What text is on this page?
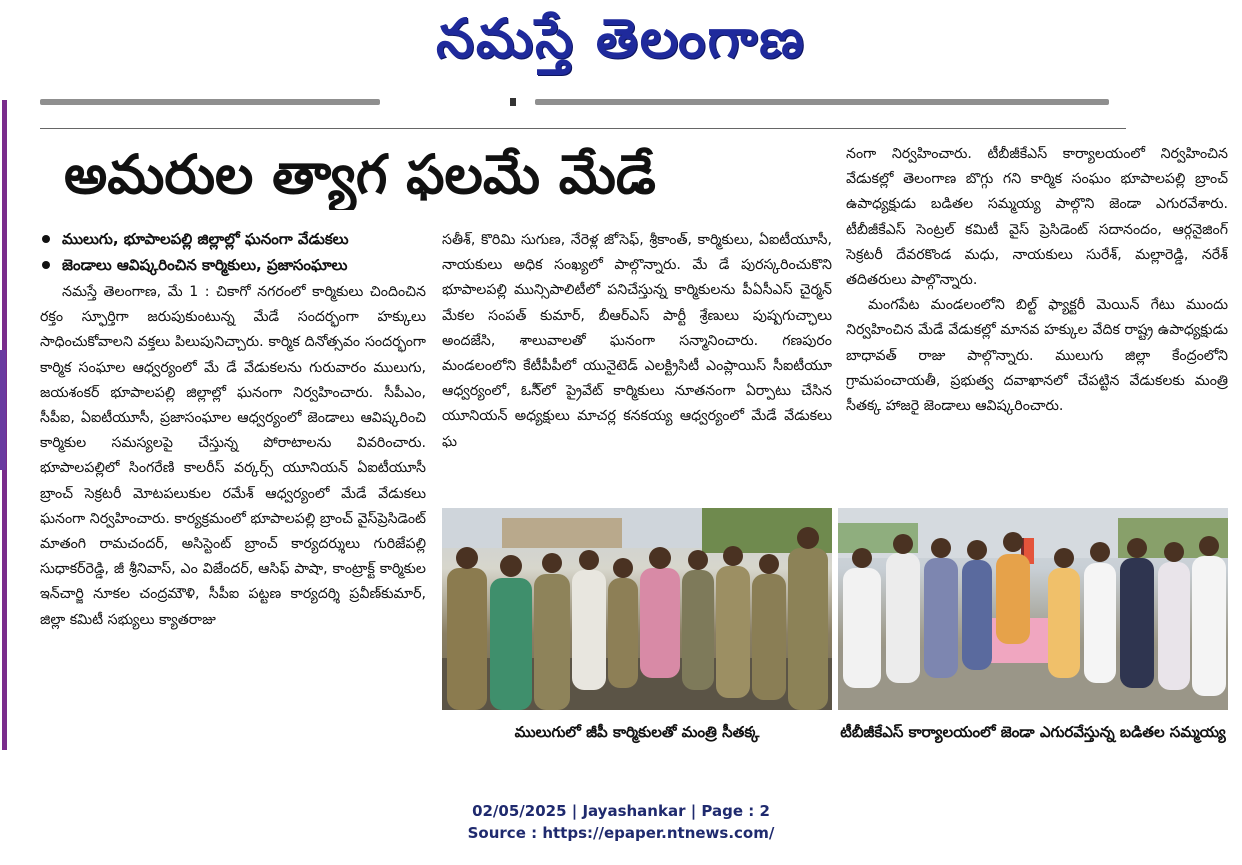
నమస్తే తెలంగాణ
అమరుల త్యాగ ఫలమే మేడే
ములుగు, భూపాలపల్లి జిల్లాల్లో ఘనంగా వేడుకలు
జెండాలు ఆవిష్కరించిన కార్మికులు, ప్రజాసంఘాలు

నమస్తే తెలంగాణ, మే 1 : చికాగో నగరంలో కార్మికులు చిందించిన రక్తం స్ఫూర్తిగా జరుపుకుంటున్న మేడే సందర్భంగా హక్కులు సాధించుకోవాలని వక్తలు పిలుపునిచ్చారు. కార్మిక దినోత్సవం సందర్భంగా కార్మిక సంఘాల ఆధ్వర్యంలో మే డే వేడుకలను గురువారం ములుగు, జయశంకర్ భూపాలపల్లి జిల్లాల్లో ఘనంగా నిర్వహించారు. సీపీఎం, సీపీఐ, ఏఐటీయూసీ, ప్రజాసంఘాల ఆధ్వర్యంలో జెండాలు ఆవిష్కరించి కార్మికుల సమస్యలపై చేస్తున్న పోరాటాలను వివరించారు. భూపాలపల్లిలో సింగరేణి కాలరీస్ వర్కర్స్ యూనియన్ ఏఐటీయూసీ బ్రాంచ్ సెక్రటరీ మోటపలుకుల రమేశ్ ఆధ్వర్యంలో మేడే వేడుకలు ఘనంగా నిర్వహించారు. కార్యక్రమంలో భూపాలపల్లి బ్రాంచ్ వైస్‌ప్రెసిడెంట్ మాతంగి రామచందర్, అసిస్టెంట్ బ్రాంచ్ కార్యదర్శులు గురిజేపల్లి సుధాకర్‌రెడ్డి, జీ శ్రీనివాస్, ఎం విజేందర్, ఆసిఫ్ పాషా, కాంట్రాక్ట్ కార్మికుల ఇన్‌చార్జి నూకల చంద్రమౌళి, సీపీఐ పట్టణ కార్యదర్శి ప్రవీణ్‌కుమార్, జిల్లా కమిటీ సభ్యులు క్యాతరాజు

సతీశ్, కొరిమి సుగుణ, నేరెళ్ల జోసెఫ్, శ్రీకాంత్, కార్మికులు, ఏఐటీయూసీ, నాయకులు అధిక సంఖ్యలో పాల్గొన్నారు. మే డే పురస్కరించుకొని భూపాలపల్లి మున్సిపాలిటీలో పనిచేస్తున్న కార్మికులను పీఏసీఎస్ చైర్మన్ మేకల సంపత్ కుమార్, బీఆర్‌ఎస్ పార్టీ శ్రేణులు పుష్పగుచ్ఛాలు అందజేసి, శాలువాలతో ఘనంగా సన్మానించారు. గణపురం మండలంలోని కేటీపీపీలో యునైటెడ్ ఎలక్ట్రిసిటీ ఎంప్లాయిస్ సీఐటీయూ ఆధ్వర్యంలో, ఓసీ్‌లో ప్రైవేట్ కార్మికులు నూతనంగా ఏర్పాటు చేసిన యూనియన్ అధ్యక్షులు మాచర్ల కనకయ్య ఆధ్వర్యంలో మేడే వేడుకలు ఘ

నంగా నిర్వహించారు. టీబీజీకేఎస్ కార్యాలయంలో నిర్వహించిన వేడుకల్లో తెలంగాణ బొగ్గు గని కార్మిక సంఘం భూపాలపల్లి బ్రాంచ్ ఉపాధ్యక్షుడు బడితల సమ్మయ్య పాల్గొని జెండా ఎగురవేశారు. టీబీజీకేఎస్ సెంట్రల్ కమిటీ వైస్ ప్రెసిడెంట్ సదానందం, ఆర్గనైజింగ్ సెక్రటరీ దేవరకొండ మధు, నాయకులు సురేశ్, మల్లారెడ్డి, నరేశ్ తదితరులు పాల్గొన్నారు.

మంగపేట మండలంలోని బిల్ట్ ఫ్యాక్టరీ మెయిన్ గేటు ముందు నిర్వహించిన మేడే వేడుకల్లో మానవ హక్కుల వేదిక రాష్ట్ర ఉపాధ్యక్షుడు బాధావత్ రాజు పాల్గొన్నారు. ములుగు జిల్లా కేంద్రంలోని గ్రామపంచాయతీ, ప్రభుత్వ దవాఖానలో చేపట్టిన వేడుకలకు మంత్రి సీతక్క హాజరై జెండాలు ఆవిష్కరించారు.

ములుగులో జీపీ కార్మికులతో మంత్రి సీతక్క	టీబీజీకేఎస్ కార్యాలయంలో జెండా ఎగురవేస్తున్న బడితల సమ్మయ్య
02/05/2025 | Jayashankar | Page : 2
Source : https://epaper.ntnews.com/
